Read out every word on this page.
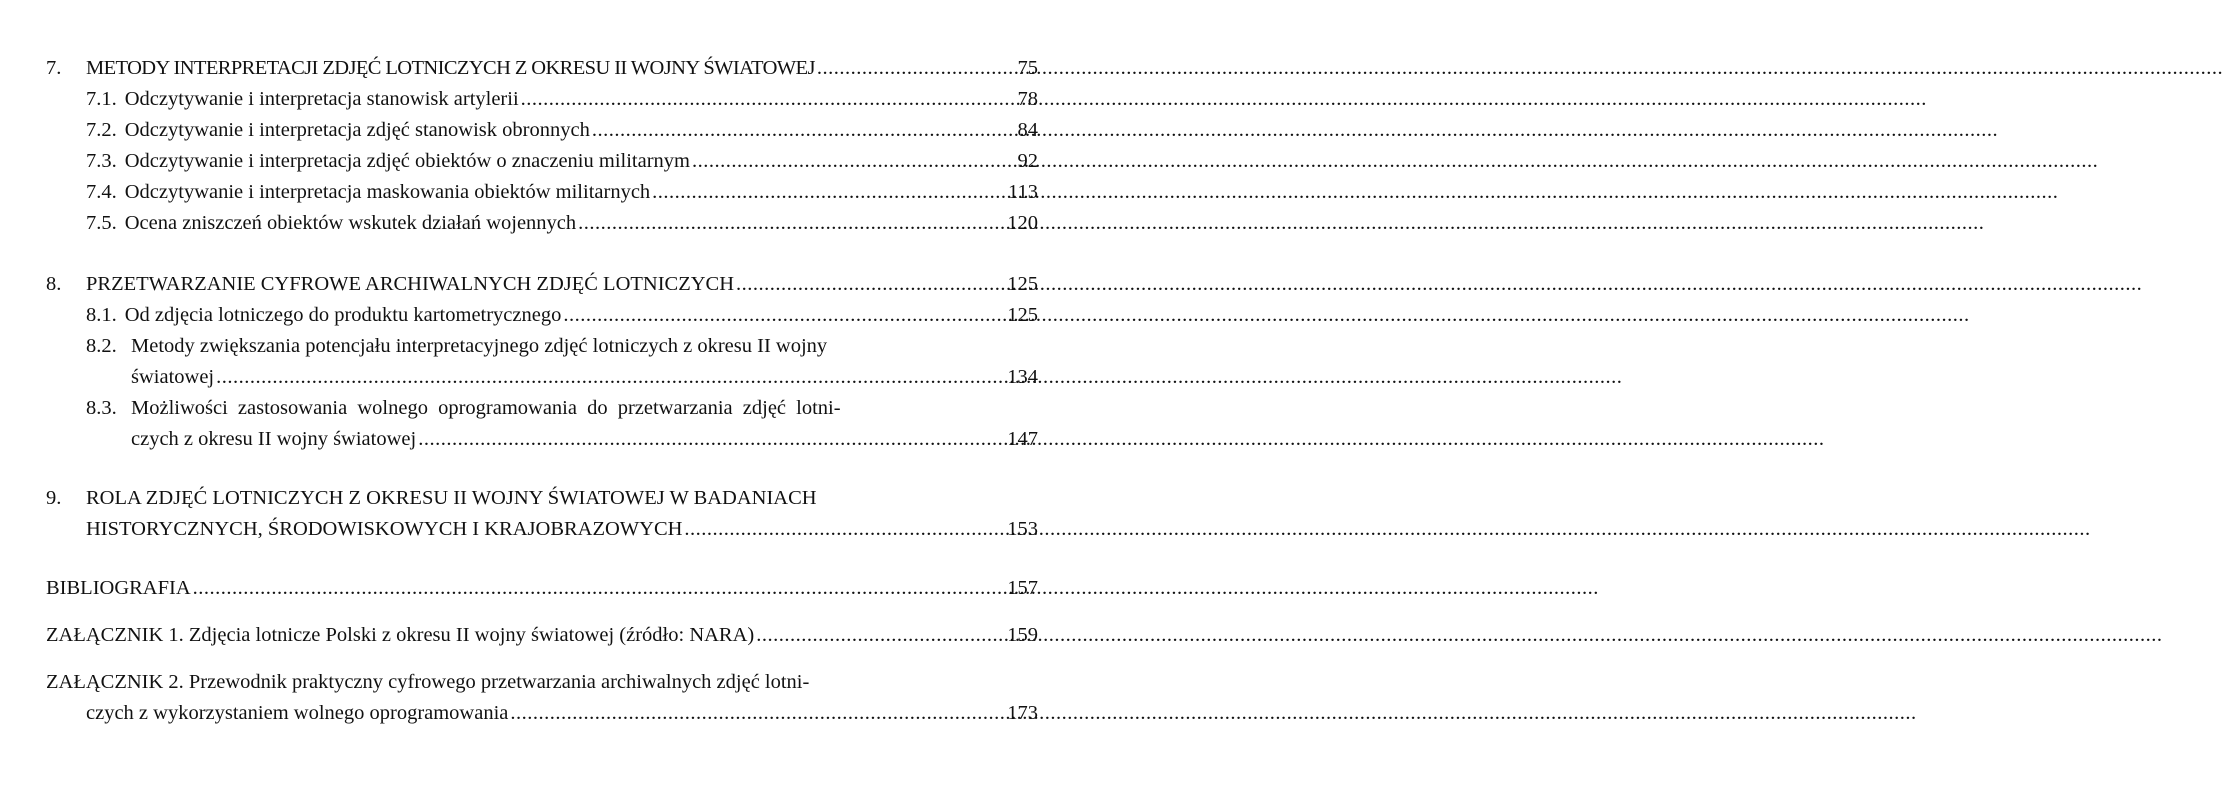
7.	METODY INTERPRETACJI ZDJĘĆ LOTNICZYCH Z OKRESU II WOJNY ŚWIATOWEJ .....	75
7.1. Odczytywanie i interpretacja stanowisk artylerii .....	78
7.2. Odczytywanie i interpretacja zdjęć stanowisk obronnych .....	84
7.3. Odczytywanie i interpretacja zdjęć obiektów o znaczeniu militarnym .....	92
7.4. Odczytywanie i interpretacja maskowania obiektów militarnych .....	113
7.5. Ocena zniszczeń obiektów wskutek działań wojennych .....	120
8.	PRZETWARZANIE CYFROWE ARCHIWALNYCH ZDJĘĆ LOTNICZYCH .....	125
8.1. Od zdjęcia lotniczego do produktu kartometrycznego .....	125
8.2. Metody zwiększania potencjału interpretacyjnego zdjęć lotniczych z okresu II wojny
światowej .....	134
8.3. Możliwości zastosowania wolnego oprogramowania do przetwarzania zdjęć lotni-
czych z okresu II wojny światowej .....	147
9. ROLA ZDJĘĆ LOTNICZYCH Z OKRESU II WOJNY ŚWIATOWEJ W BADANIACH
HISTORYCZNYCH, ŚRODOWISKOWYCH I KRAJOBRAZOWYCH .....	153
BIBLIOGRAFIA .....	157
ZAŁĄCZNIK 1. Zdjęcia lotnicze Polski z okresu II wojny światowej (źródło: NARA) .....	159
ZAŁĄCZNIK 2. Przewodnik praktyczny cyfrowego przetwarzania archiwalnych zdjęć lotni-
czych z wykorzystaniem wolnego oprogramowania .....	173
